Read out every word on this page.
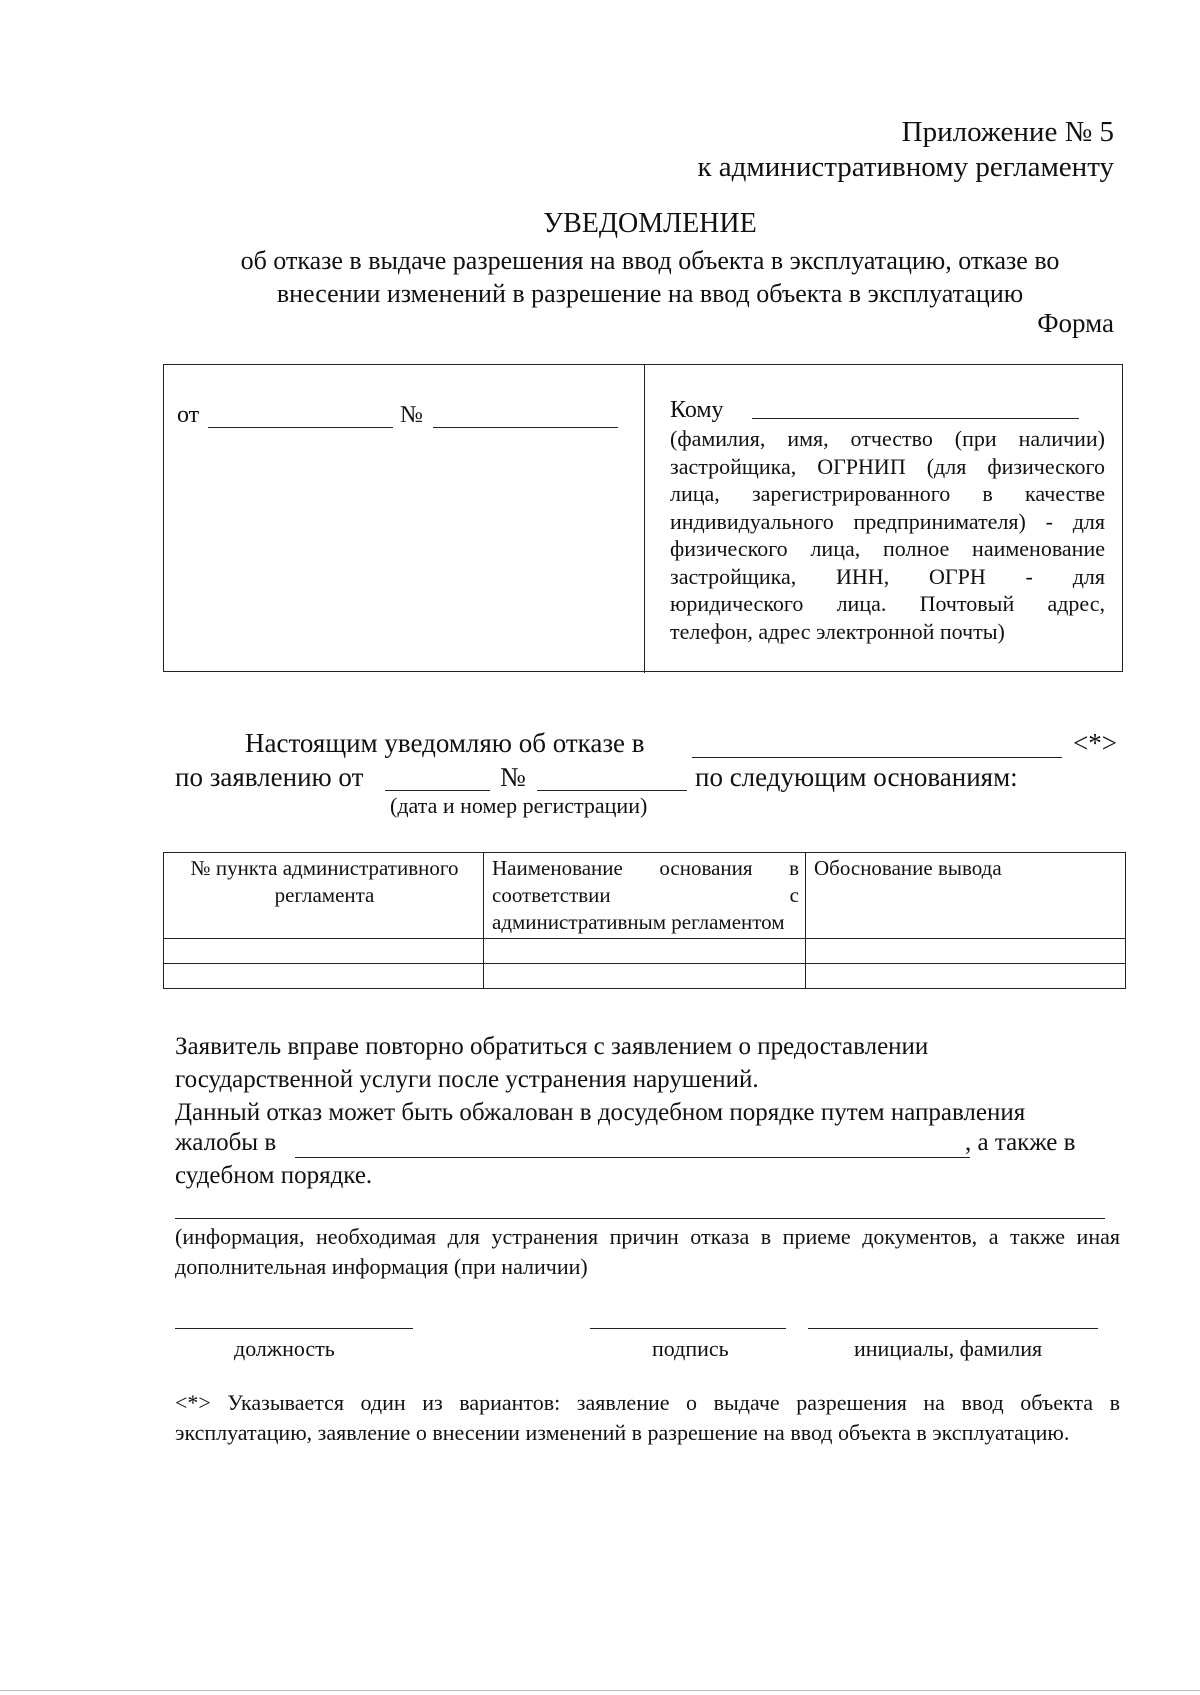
Приложение № 5
к административному регламенту
УВЕДОМЛЕНИЕ
об отказе в выдаче разрешения на ввод объекта в эксплуатацию, отказе во
внесении изменений в разрешение на ввод объекта в эксплуатацию
Форма
от	№	Кому
(фамилия, имя, отчество (при наличии) застройщика, ОГРНИП (для физического лица, зарегистрированного в качестве индивидуального предпринимателя) - для физического лица, полное наименование застройщика, ИНН, ОГРН - для юридического лица. Почтовый адрес, телефон, адрес электронной почты)
Настоящим уведомляю об отказе в	<*>
по заявлению от	№	по следующим основаниям:
(дата и номер регистрации)
№ пункта административного регламента	Наименование основания в соответствии с административным регламентом	Обоснование вывода

Заявитель вправе повторно обратиться с заявлением о предоставлении государственной услуги после устранения нарушений.
Данный отказ может быть обжалован в досудебном порядке путем направления
жалобы в	, а также в
судебном порядке.
(информация, необходимая для устранения причин отказа в приеме документов, а также иная дополнительная информация (при наличии)
должность	подпись	инициалы, фамилия
<*> Указывается один из вариантов: заявление о выдаче разрешения на ввод объекта в эксплуатацию, заявление о внесении изменений в разрешение на ввод объекта в эксплуатацию.
